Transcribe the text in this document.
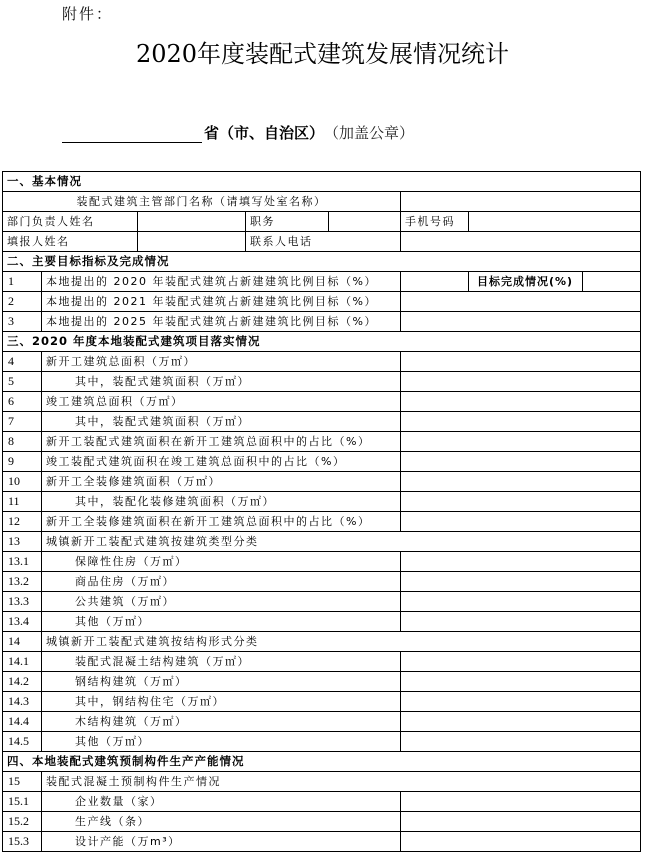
附件：
2020年度装配式建筑发展情况统计
省（市、自治区） （加盖公章）
一、基本情况							
装配式建筑主管部门名称（请填写处室名称）							
部门负责人姓名			职务		手机号码		
填报人姓名			联系人电话				
二、主要目标指标及完成情况							
1	本地提出的 2020 年装配式建筑占新建建筑比例目标（%）					目标完成情况(%)	
2	本地提出的 2021 年装配式建筑占新建建筑比例目标（%）						
3	本地提出的 2025 年装配式建筑占新建建筑比例目标（%）						
三、2020 年度本地装配式建筑项目落实情况							
4	新开工建筑总面积（万㎡）						
5	其中，装配式建筑面积（万㎡）						
6	竣工建筑总面积（万㎡）						
7	其中，装配式建筑面积（万㎡）						
8	新开工装配式建筑面积在新开工建筑总面积中的占比（%）						
9	竣工装配式建筑面积在竣工建筑总面积中的占比（%）						
10	新开工全装修建筑面积（万㎡）						
11	其中，装配化装修建筑面积（万㎡）						
12	新开工全装修建筑面积在新开工建筑总面积中的占比（%）						
13	城镇新开工装配式建筑按建筑类型分类						
13.1	保障性住房（万㎡）						
13.2	商品住房（万㎡）						
13.3	公共建筑（万㎡）						
13.4	其他（万㎡）						
14	城镇新开工装配式建筑按结构形式分类						
14.1	装配式混凝土结构建筑（万㎡）						
14.2	钢结构建筑（万㎡）						
14.3	其中，钢结构住宅（万㎡）						
14.4	木结构建筑（万㎡）						
14.5	其他（万㎡）						
四、本地装配式建筑预制构件生产产能情况							
15	装配式混凝土预制构件生产情况						
15.1	企业数量（家）						
15.2	生产线（条）						
15.3	设计产能（万m³）						
